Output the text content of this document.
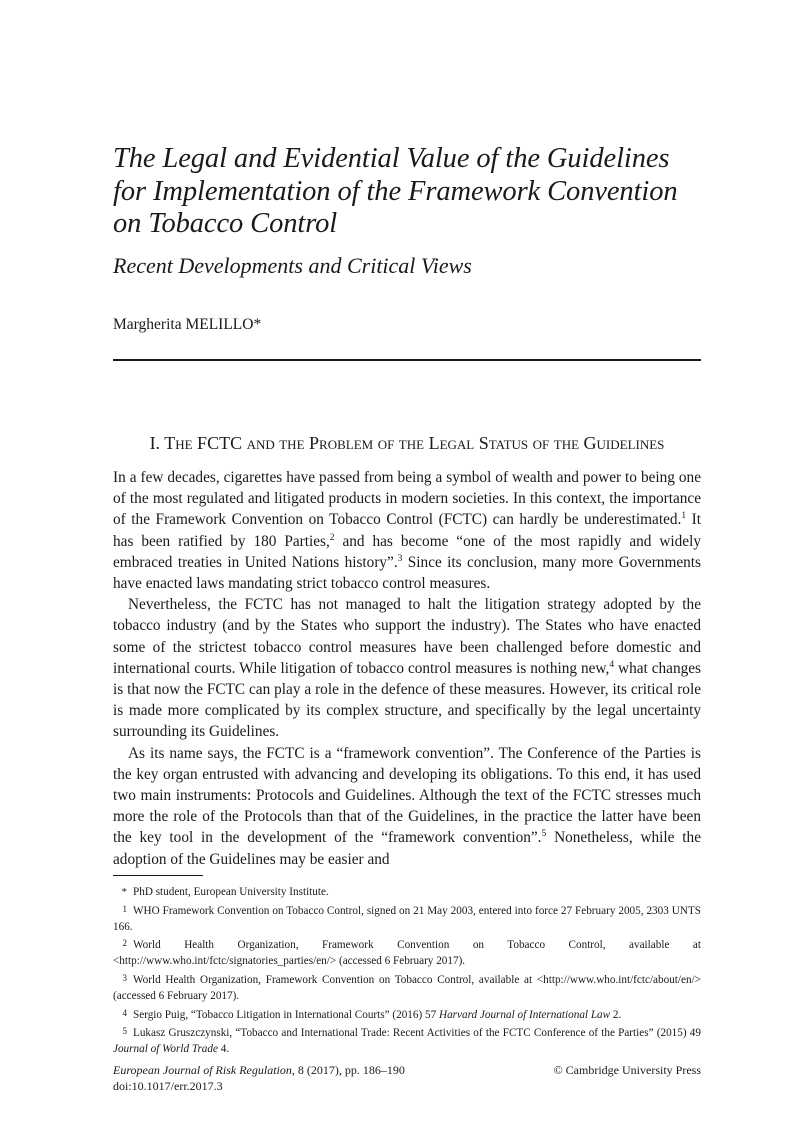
The Legal and Evidential Value of the Guidelines for Implementation of the Framework Convention on Tobacco Control
Recent Developments and Critical Views
Margherita MELILLO*
I. The FCTC and the Problem of the Legal Status of the Guidelines

In a few decades, cigarettes have passed from being a symbol of wealth and power to being one of the most regulated and litigated products in modern societies. In this context, the importance of the Framework Convention on Tobacco Control (FCTC) can hardly be underestimated.$^1$ It has been ratified by 180 Parties,$^2$ and has become “one of the most rapidly and widely embraced treaties in United Nations history”.$^3$ Since its conclusion, many more Governments have enacted laws mandating strict tobacco control measures.

Nevertheless, the FCTC has not managed to halt the litigation strategy adopted by the tobacco industry (and by the States who support the industry). The States who have enacted some of the strictest tobacco control measures have been challenged before domestic and international courts. While litigation of tobacco control measures is nothing new,$^4$ what changes is that now the FCTC can play a role in the defence of these measures. However, its critical role is made more complicated by its complex structure, and specifically by the legal uncertainty surrounding its Guidelines.

As its name says, the FCTC is a “framework convention”. The Conference of the Parties is the key organ entrusted with advancing and developing its obligations. To this end, it has used two main instruments: Protocols and Guidelines. Although the text of the FCTC stresses much more the role of the Protocols than that of the Guidelines, in the practice the latter have been the key tool in the development of the “framework convention”.$^5$ Nonetheless, while the adoption of the Guidelines may be easier and

* PhD student, European University Institute.

1 WHO Framework Convention on Tobacco Control, signed on 21 May 2003, entered into force 27 February 2005, 2303 UNTS 166.

2 World Health Organization, Framework Convention on Tobacco Control, available at <http://www.who.int/fctc/signatories_parties/en/> (accessed 6 February 2017).

3 World Health Organization, Framework Convention on Tobacco Control, available at <http://www.who.int/fctc/about/en/> (accessed 6 February 2017).

4 Sergio Puig, “Tobacco Litigation in International Courts” (2016) 57 Harvard Journal of International Law 2.

5 Lukasz Gruszczynski, “Tobacco and International Trade: Recent Activities of the FCTC Conference of the Parties” (2015) 49 Journal of World Trade 4.

European Journal of Risk Regulation, 8 (2017), pp. 186–190
doi:10.1017/err.2017.3
© Cambridge University Press
